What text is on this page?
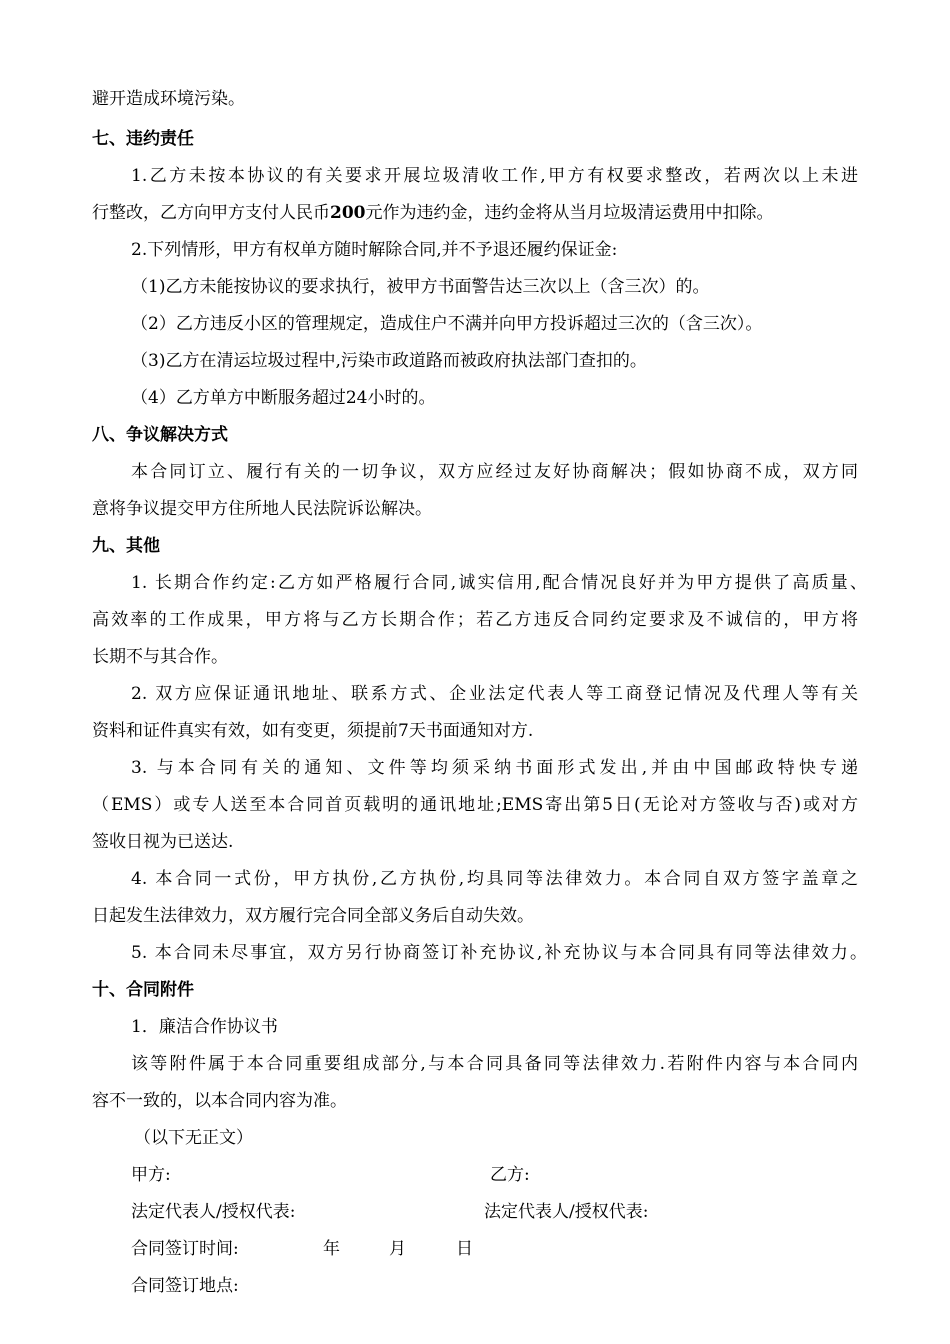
避开造成环境污染。
七、违约责任
1.乙方未按本协议的有关要求开展垃圾清收工作,甲方有权要求整改，若两次以上未进
行整改，乙方向甲方支付人民币200元作为违约金，违约金将从当月垃圾清运费用中扣除。
2.下列情形，甲方有权单方随时解除合同,并不予退还履约保证金:
（1)乙方未能按协议的要求执行，被甲方书面警告达三次以上（含三次）的。
（2）乙方违反小区的管理规定，造成住户不满并向甲方投诉超过三次的（含三次）。
（3)乙方在清运垃圾过程中,污染市政道路而被政府执法部门查扣的。
（4）乙方单方中断服务超过24小时的。
八、争议解决方式
本合同订立、履行有关的一切争议，双方应经过友好协商解决；假如协商不成，双方同
意将争议提交甲方住所地人民法院诉讼解决。
九、其他
1. 长期合作约定:乙方如严格履行合同,诚实信用,配合情况良好并为甲方提供了高质量、
高效率的工作成果，甲方将与乙方长期合作；若乙方违反合同约定要求及不诚信的，甲方将
长期不与其合作。
2. 双方应保证通讯地址、联系方式、企业法定代表人等工商登记情况及代理人等有关
资料和证件真实有效，如有变更，须提前7天书面通知对方.
3. 与本合同有关的通知、文件等均须采纳书面形式发出,并由中国邮政特快专递
（EMS）或专人送至本合同首页载明的通讯地址;EMS寄出第5日(无论对方签收与否)或对方
签收日视为已送达.
4. 本合同一式份，甲方执份,乙方执份,均具同等法律效力。本合同自双方签字盖章之
日起发生法律效力，双方履行完合同全部义务后自动失效。
5. 本合同未尽事宜，双方另行协商签订补充协议,补充协议与本合同具有同等法律效力。
十、合同附件
1．廉洁合作协议书
该等附件属于本合同重要组成部分,与本合同具备同等法律效力.若附件内容与本合同内
容不一致的，以本合同内容为准。
（以下无正文）
甲方:	乙方:
法定代表人/授权代表:	法定代表人/授权代表:
合同签订时间:	年	月	日
合同签订地点:
